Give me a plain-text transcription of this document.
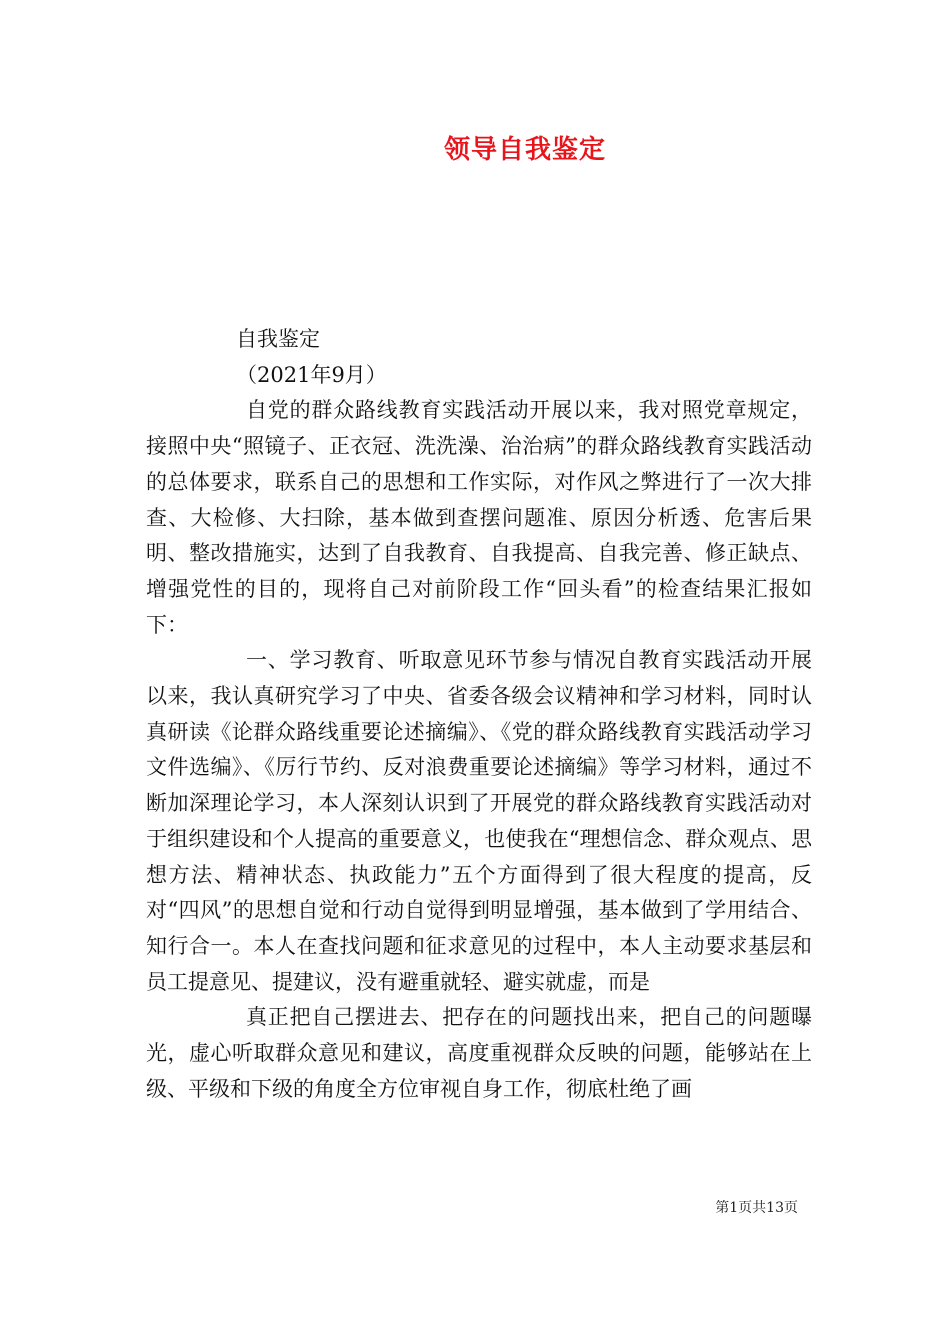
领导自我鉴定

自我鉴定

（2021年9月）

自党的群众路线教育实践活动开展以来，我对照党章规定，接照中央“照镜子、正衣冠、洗洗澡、治治病”的群众路线教育实践活动的总体要求，联系自己的思想和工作实际，对作风之弊进行了一次大排查、大检修、大扫除，基本做到查摆问题准、原因分析透、危害后果明、整改措施实，达到了自我教育、自我提高、自我完善、修正缺点、增强党性的目的，现将自己对前阶段工作“回头看”的检查结果汇报如下：

一、学习教育、听取意见环节参与情况自教育实践活动开展以来，我认真研究学习了中央、省委各级会议精神和学习材料，同时认真研读《论群众路线重要论述摘编》、《党的群众路线教育实践活动学习文件选编》、《厉行节约、反对浪费重要论述摘编》等学习材料，通过不断加深理论学习，本人深刻认识到了开展党的群众路线教育实践活动对于组织建设和个人提高的重要意义，也使我在“理想信念、群众观点、思想方法、精神状态、执政能力”五个方面得到了很大程度的提高，反对“四风”的思想自觉和行动自觉得到明显增强，基本做到了学用结合、知行合一。本人在查找问题和征求意见的过程中，本人主动要求基层和员工提意见、提建议，没有避重就轻、避实就虚，而是

真正把自己摆进去、把存在的问题找出来，把自己的问题曝光，虚心听取群众意见和建议，高度重视群众反映的问题，能够站在上级、平级和下级的角度全方位审视自身工作，彻底杜绝了画

第1页共13页
